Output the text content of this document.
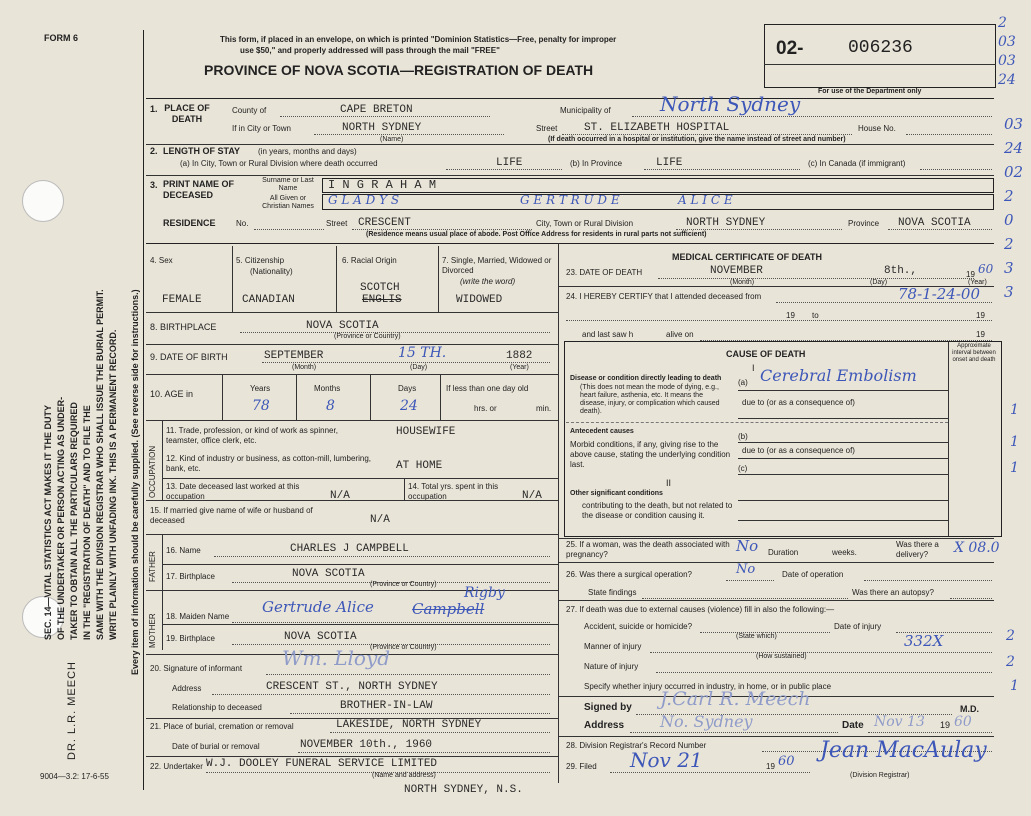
FORM 6
SEC. 14—VITAL STATISTICS ACT MAKES IT THE DUTY OF THE UNDERTAKER OR PERSON ACTING AS UNDER- TAKER TO OBTAIN ALL THE PARTICULARS REQUIRED IN THE "REGISTRATION OF DEATH" AND TO FILE THE SAME WITH THE DIVISION REGISTRAR WHO SHALL ISSUE THE BURIAL PERMIT. WRITE PLAINLY WITH UNFADING INK. THIS IS A PERMANENT RECORD. Every item of information should be carefully supplied. (See reverse side for instructions.)
DR. L.R. MEECH
9004—3.2: 17-6-55
This form, if placed in an envelope, on which is printed "Dominion Statistics—Free, penalty for improper
use $50," and properly addressed will pass through the mail "FREE"
PROVINCE OF NOVA SCOTIA—REGISTRATION OF DEATH
02- 006236
For use of the Department only
2
03
03
24
03
24
02
2
0
2
3
3
1. PLACE OF DEATH
County of	CAPE BRETON	Municipality of North Sydney
If in City or Town	NORTH SYDNEY
(Name)
Street ST. ELIZABETH HOSPITAL	House No.
(If death occurred in a hospital or institution, give the name instead of street and number)
2. LENGTH OF STAY (in years, months and days)
(a) In City, Town or Rural Division where death occurred	LIFE	(b) In Province	LIFE	(c) In Canada (if immigrant)
3. PRINT NAME OF DECEASED
Surname or Last Name	I N G R A H A M
All Given or Christian Names	G L A D Y S	G E R T R U D E	A L I C E
RESIDENCE	No.	Street CRESCENT	City, Town or Rural Division	NORTH SYDNEY	Province NOVA SCOTIA
(Residence means usual place of abode. Post Office Address for residents in rural parts not sufficient)
4. Sex	5. Citizenship
(Nationality)
6. Racial Origin	7. Single, Married, Widowed or Divorced
(write the word)
FEMALE	CANADIAN
SCOTCH
ENGLIS	WIDOWED
8. BIRTHPLACE	NOVA SCOTIA
(Province or Country)
9. DATE OF BIRTH	SEPTEMBER	15 TH.	1882
(Month)	(Day)	(Year)
10. AGE in
Years	Months	Days	If less than one day old
78	8	24	hrs. or	min.
OCCUPATION
11. Trade, profession, or kind of work as spinner, teamster, office clerk, etc.
HOUSEWIFE
12. Kind of industry or business, as cotton-mill, lumbering, bank, etc.	AT HOME
13. Date deceased last worked at this occupation	N/A
14. Total yrs. spent in this occupation	N/A
15. If married give name of wife or husband of deceased	N/A
FATHER
16. Name	CHARLES J CAMPBELL
17. Birthplace	NOVA SCOTIA
(Province or Country)
MOTHER 18. Maiden Name
Gertrude Alice	Campbell
Rigby
19. Birthplace	NOVA SCOTIA
(Province or Country)
20. Signature of informant Wm. Lloyd
Address	CRESCENT ST., NORTH SYDNEY
Relationship to deceased	BROTHER-IN-LAW
21. Place of burial, cremation or removal	LAKESIDE, NORTH SYDNEY
Date of burial or removal	NOVEMBER 10th., 1960
22. Undertaker W.J. DOOLEY FUNERAL SERVICE LIMITED
(Name and address)
NORTH SYDNEY, N.S.
MEDICAL CERTIFICATE OF DEATH
23. DATE OF DEATH	NOVEMBER	8th.,	19 60
(Month)	(Day)	(Year)
24. I HEREBY CERTIFY that I attended deceased from	78-1-24-00
19 to	19
and last saw h	alive on	19
CAUSE OF DEATH
Approximate interval between onset and death
I
Disease or condition directly leading to death
(This does not mean the mode of dying, e.g., heart failure, asthenia, etc. It means the disease, injury, or complication which caused death).
(a) Cerebral Embolism
due to (or as a consequence of)
Antecedent causes
Morbid conditions, if any, giving rise to the above cause, stating the underlying condition last.
(b)
due to (or as a consequence of)
(c)
II
Other significant conditions
contributing to the death, but not related to the disease or condition causing it.
25. If a woman, was the death associated with pregnancy?	No Duration	weeks.
Was there a delivery?	X 08.0
26. Was there a surgical operation?	No	Date of operation
State findings	Was there an autopsy?
27. If death was due to external causes (violence) fill in also the following:—
Accident, suicide or homicide?
(State which)
Date of injury
Manner of injury
(How sustained)
332X
Nature of injury
Specify whether injury occurred in industry, in home, or in public place
Signed by J.Carl R. Meech	M.D.
Address No. Sydney	Date Nov 13 19 60
28. Division Registrar's Record Number
29. Filed Nov 21	19 60 Jean MacAulay
(Division Registrar)
1
1
1
2
2
1
